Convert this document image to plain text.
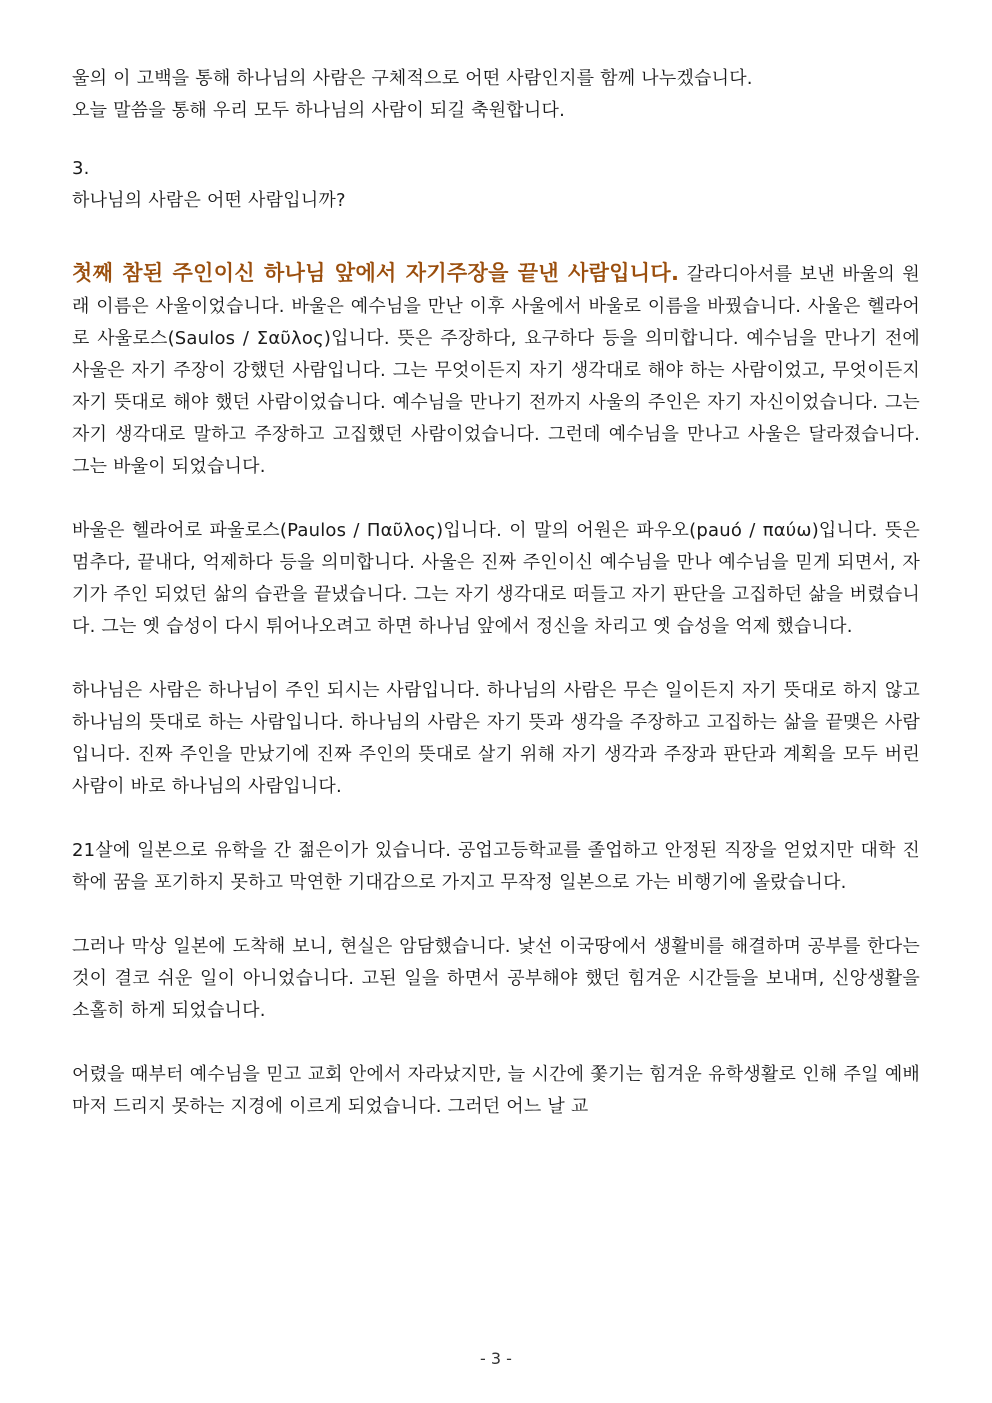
울의 이 고백을 통해 하나님의 사람은 구체적으로 어떤 사람인지를 함께 나누겠습니다.

오늘 말씀을 통해 우리 모두 하나님의 사람이 되길 축원합니다.

3.

하나님의 사람은 어떤 사람입니까?

첫째 참된 주인이신 하나님 앞에서 자기주장을 끝낸 사람입니다. 갈라디아서를 보낸 바울의 원래 이름은 사울이었습니다. 바울은 예수님을 만난 이후 사울에서 바울로 이름을 바꿨습니다. 사울은 헬라어로 사울로스(Saulos / Σαῦλος)입니다. 뜻은 주장하다, 요구하다 등을 의미합니다. 예수님을 만나기 전에 사울은 자기 주장이 강했던 사람입니다. 그는 무엇이든지 자기 생각대로 해야 하는 사람이었고, 무엇이든지 자기 뜻대로 해야 했던 사람이었습니다. 예수님을 만나기 전까지 사울의 주인은 자기 자신이었습니다. 그는 자기 생각대로 말하고 주장하고 고집했던 사람이었습니다. 그런데 예수님을 만나고 사울은 달라졌습니다. 그는 바울이 되었습니다.

바울은 헬라어로 파울로스(Paulos / Παῦλος)입니다. 이 말의 어원은 파우오(pauó / παύω)입니다. 뜻은 멈추다, 끝내다, 억제하다 등을 의미합니다. 사울은 진짜 주인이신 예수님을 만나 예수님을 믿게 되면서, 자기가 주인 되었던 삶의 습관을 끝냈습니다. 그는 자기 생각대로 떠들고 자기 판단을 고집하던 삶을 버렸습니다. 그는 옛 습성이 다시 튀어나오려고 하면 하나님 앞에서 정신을 차리고 옛 습성을 억제 했습니다.

하나님은 사람은 하나님이 주인 되시는 사람입니다. 하나님의 사람은 무슨 일이든지 자기 뜻대로 하지 않고 하나님의 뜻대로 하는 사람입니다. 하나님의 사람은 자기 뜻과 생각을 주장하고 고집하는 삶을 끝맺은 사람입니다. 진짜 주인을 만났기에 진짜 주인의 뜻대로 살기 위해 자기 생각과 주장과 판단과 계획을 모두 버린 사람이 바로 하나님의 사람입니다.

21살에 일본으로 유학을 간 젊은이가 있습니다. 공업고등학교를 졸업하고 안정된 직장을 얻었지만 대학 진학에 꿈을 포기하지 못하고 막연한 기대감으로 가지고 무작정 일본으로 가는 비행기에 올랐습니다.

그러나 막상 일본에 도착해 보니, 현실은 암담했습니다. 낯선 이국땅에서 생활비를 해결하며 공부를 한다는 것이 결코 쉬운 일이 아니었습니다. 고된 일을 하면서 공부해야 했던 힘겨운 시간들을 보내며, 신앙생활을 소홀히 하게 되었습니다.

어렸을 때부터 예수님을 믿고 교회 안에서 자라났지만, 늘 시간에 쫓기는 힘겨운 유학생활로 인해 주일 예배마저 드리지 못하는 지경에 이르게 되었습니다. 그러던 어느 날 교

- 3 -
